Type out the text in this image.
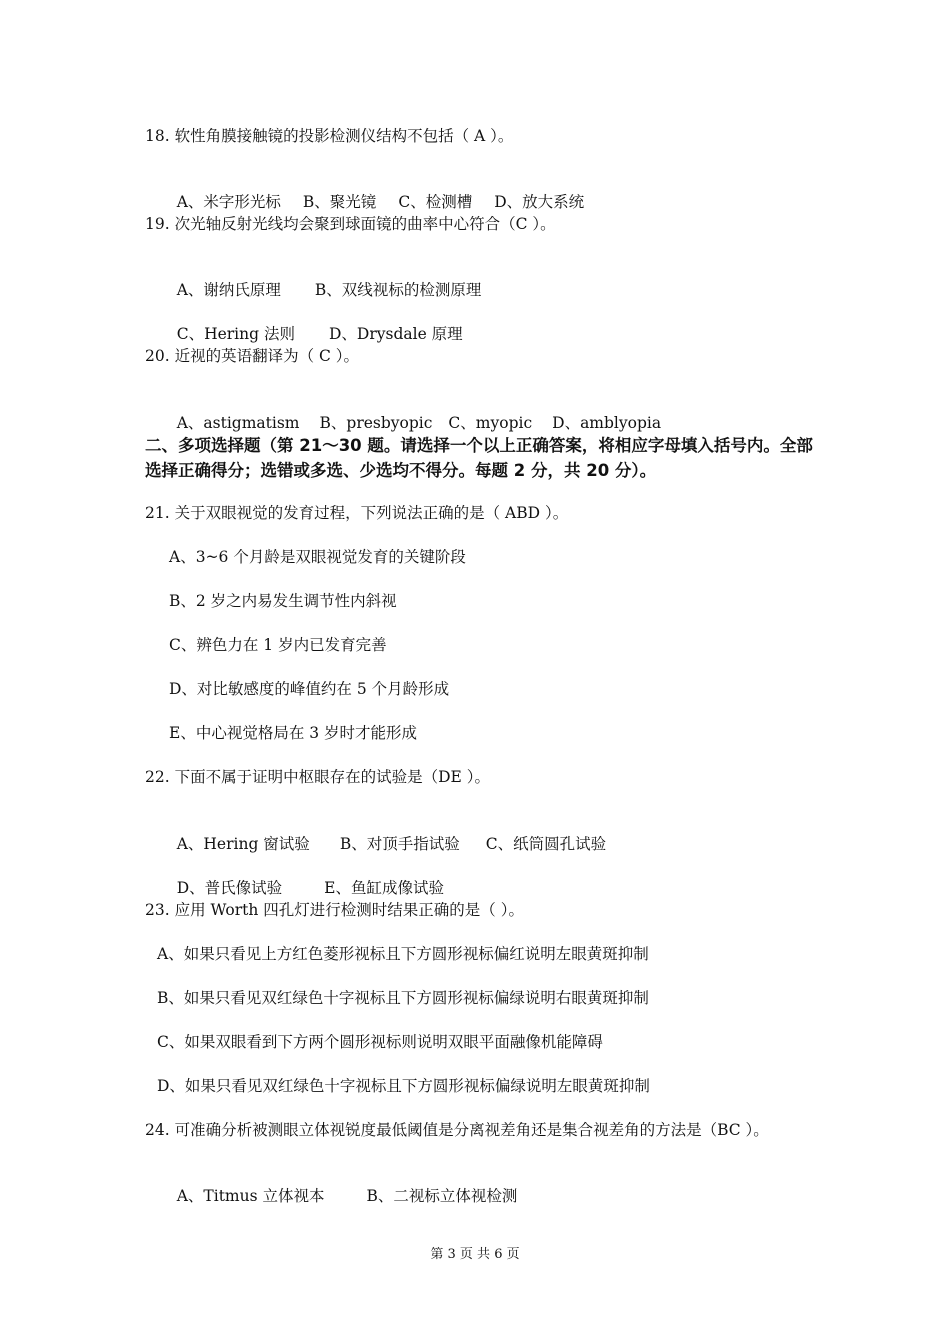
18. 软性角膜接触镜的投影检测仪结构不包括（ A ）。

A、米字形光标 B、聚光镜 C、检测槽 D、放大系统

19. 次光轴反射光线均会聚到球面镜的曲率中心符合（C ）。

A、谢纳氏原理 B、双线视标的检测原理

C、Hering 法则 D、Drysdale 原理

20. 近视的英语翻译为（ C ）。

A、astigmatism B、presbyopic C、myopic D、amblyopia

二、多项选择题（第 21～30 题。请选择一个以上正确答案，将相应字母填入括号内。全部选择正确得分；选错或多选、少选均不得分。每题 2 分，共 20 分）。
21. 关于双眼视觉的发育过程，下列说法正确的是（ ABD ）。
A、3~6 个月龄是双眼视觉发育的关键阶段
B、2 岁之内易发生调节性内斜视
C、辨色力在 1 岁内已发育完善
D、对比敏感度的峰值约在 5 个月龄形成
E、中心视觉格局在 3 岁时才能形成
22. 下面不属于证明中枢眼存在的试验是（DE ）。

A、Hering 窗试验 B、对顶手指试验 C、纸筒圆孔试验

D、普氏像试验	E、鱼缸成像试验

23. 应用 Worth 四孔灯进行检测时结果正确的是（ ）。
A、如果只看见上方红色菱形视标且下方圆形视标偏红说明左眼黄斑抑制
B、如果只看见双红绿色十字视标且下方圆形视标偏绿说明右眼黄斑抑制
C、如果双眼看到下方两个圆形视标则说明双眼平面融像机能障碍
D、如果只看见双红绿色十字视标且下方圆形视标偏绿说明左眼黄斑抑制
24. 可准确分析被测眼立体视锐度最低阈值是分离视差角还是集合视差角的方法是（BC ）。

A、Titmus 立体视本	B、二视标立体视检测

第 3 页 共 6 页
